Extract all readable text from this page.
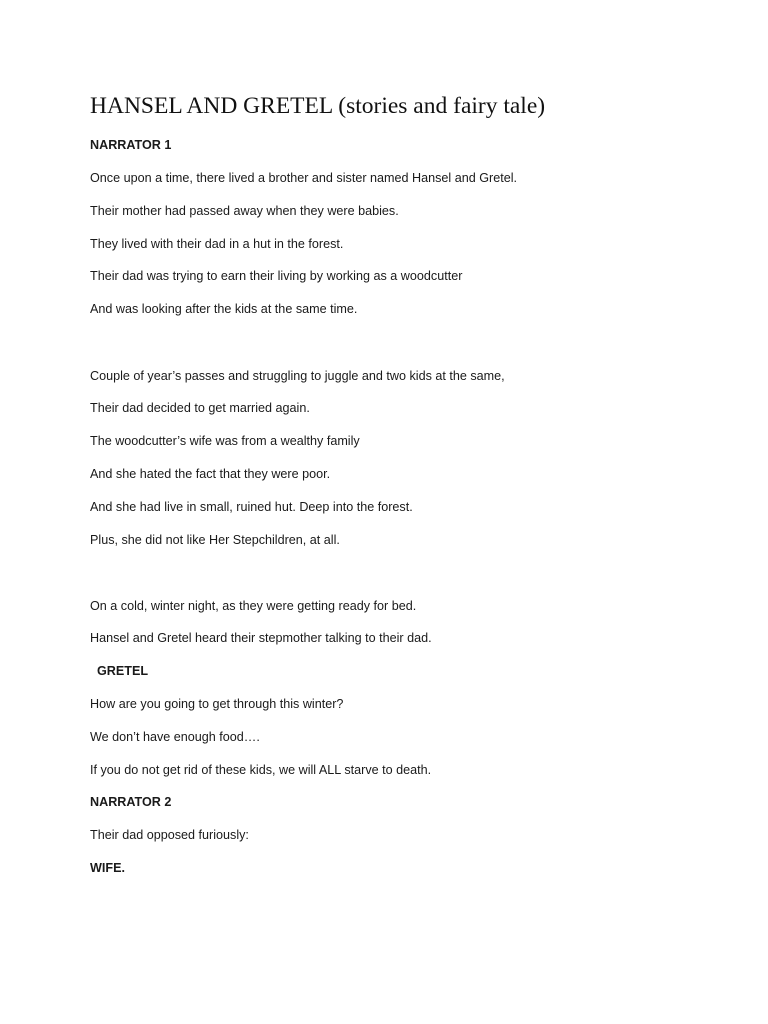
HANSEL AND GRETEL (stories and fairy tale)
NARRATOR 1
Once upon a time, there lived a brother and sister named Hansel and Gretel.
Their mother had passed away when they were babies.
They lived with their dad in a hut in the forest.
Their dad was trying to earn their living by working as a woodcutter
And was looking after the kids at the same time.
Couple of year’s passes and struggling to juggle and two kids at the same,
Their dad decided to get married again.
The woodcutter’s wife was from a wealthy family
And she hated the fact that they were poor.
And she had live in small, ruined hut. Deep into the forest.
Plus, she did not like Her Stepchildren, at all.
On a cold, winter night, as they were getting ready for bed.
Hansel and Gretel heard their stepmother talking to their dad.
GRETEL
How are you going to get through this winter?
We don’t have enough food….
If you do not get rid of these kids, we will ALL starve to death.
NARRATOR 2
Their dad opposed furiously:
WIFE.
